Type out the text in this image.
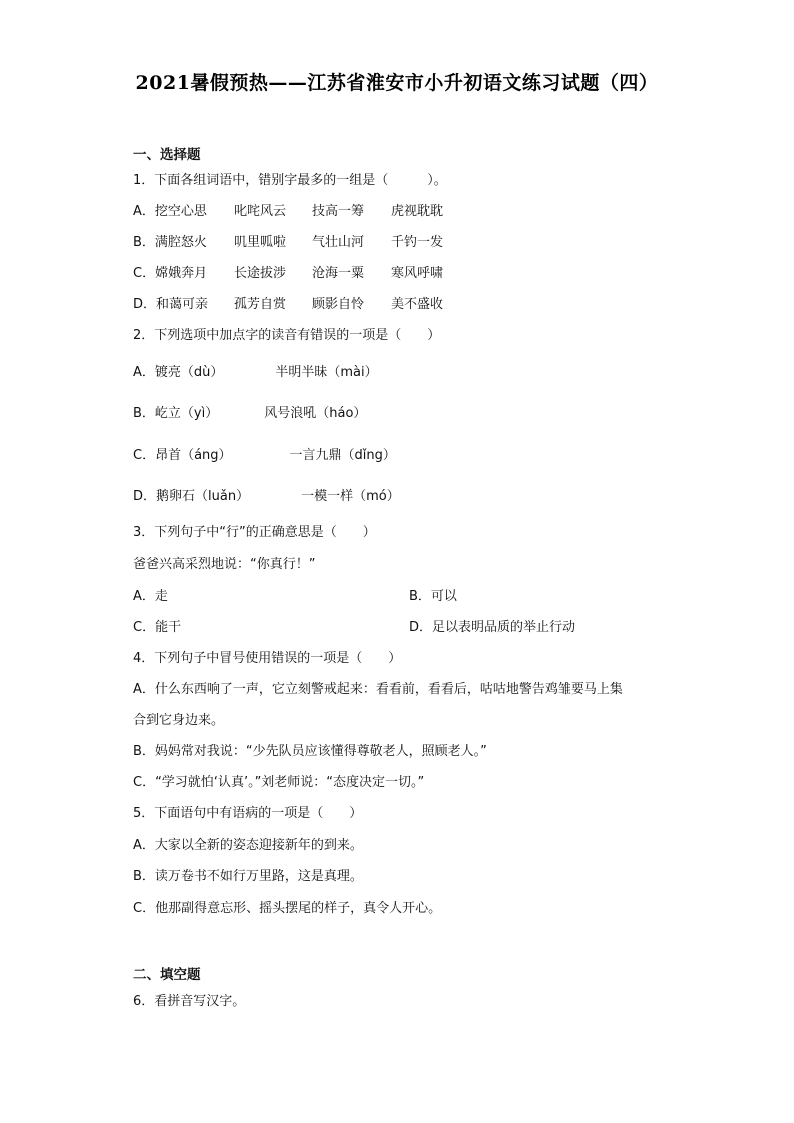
2021暑假预热——江苏省淮安市小升初语文练习试题（四）
一、选择题
1．下面各组词语中，错别字最多的一组是（　　　）。
A．挖空心思 叱咤风云 技高一筹 虎视耽耽
B．满腔怒火 叽里呱啦 气壮山河 千钓一发
C．嫦娥奔月 长途拔涉 沧海一粟 寒风呼啸
D．和蔼可亲 孤芳自赏 顾影自怜 美不盛收
2．下列选项中加点字的读音有错误的一项是（　　）
A．镀亮（dù）	半明半昧（mài）
B．屹立（yì）	风号浪吼（háo）
C．昂首（áng）	一言九鼎（dǐng）
D．鹅卵石（luǎn）	一模一样（mó）
3．下列句子中“行”的正确意思是（　　）
爸爸兴高采烈地说：“你真行！”
A．走	B．可以
C．能干	D．足以表明品质的举止行动
4．下列句子中冒号使用错误的一项是（　　）
A．什么东西响了一声，它立刻警戒起来：看看前，看看后，咕咕地警告鸡雏要马上集
合到它身边来。
B．妈妈常对我说：“少先队员应该懂得尊敬老人，照顾老人。”
C．“学习就怕‘认真’。”刘老师说：“态度决定一切。”
5．下面语句中有语病的一项是（　　）
A．大家以全新的姿态迎接新年的到来。
B．读万卷书不如行万里路，这是真理。
C．他那副得意忘形、摇头摆尾的样子，真令人开心。
二、填空题
6．看拼音写汉字。
